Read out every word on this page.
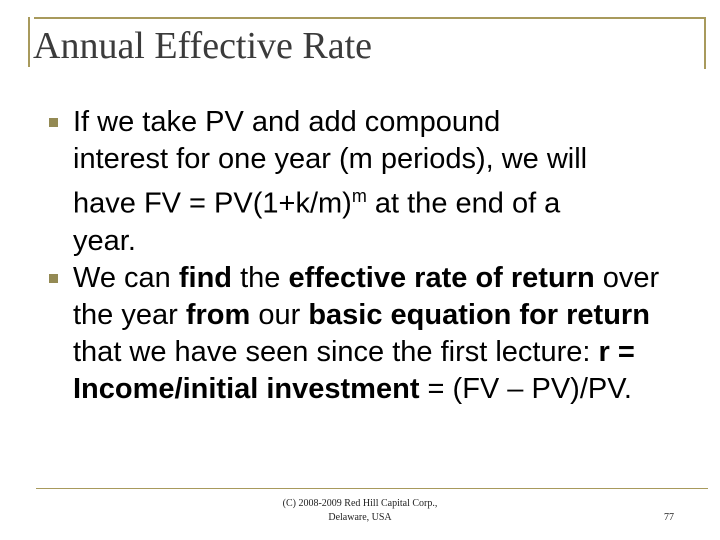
Annual Effective Rate
If we take PV and add compound
interest for one year (m periods), we will
have FV = $PV(1+k/m)^m$ at the end of a
year.
We can find the effective rate of return over the year from our basic equation for return that we have seen since the first lecture: r = Income/initial investment = (FV – PV)/PV.
(C) 2008-2009 Red Hill Capital Corp.,
Delaware, USA	77
